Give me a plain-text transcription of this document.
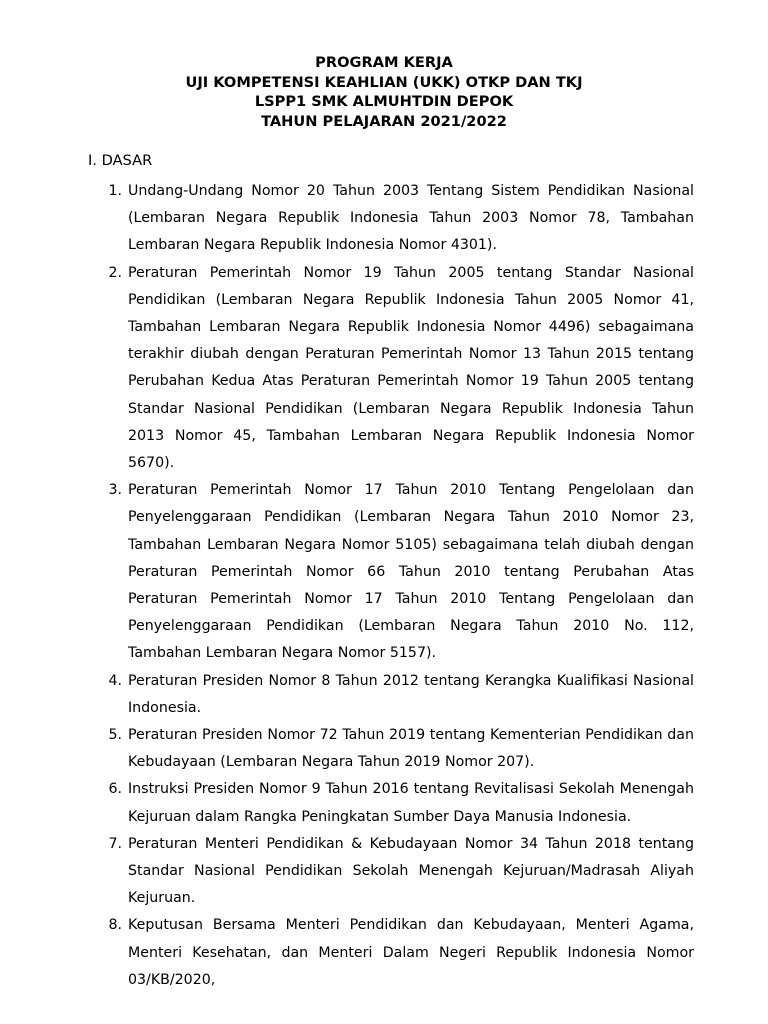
PROGRAM KERJA
UJI KOMPETENSI KEAHLIAN (UKK) OTKP DAN TKJ
LSPP1 SMK ALMUHTDIN DEPOK
TAHUN PELAJARAN 2021/2022
I. DASAR
1. Undang-Undang Nomor 20 Tahun 2003 Tentang Sistem Pendidikan Nasional (Lembaran Negara Republik Indonesia Tahun 2003 Nomor 78, Tambahan Lembaran Negara Republik Indonesia Nomor 4301).
2. Peraturan Pemerintah Nomor 19 Tahun 2005 tentang Standar Nasional Pendidikan (Lembaran Negara Republik Indonesia Tahun 2005 Nomor 41, Tambahan Lembaran Negara Republik Indonesia Nomor 4496) sebagaimana terakhir diubah dengan Peraturan Pemerintah Nomor 13 Tahun 2015 tentang Perubahan Kedua Atas Peraturan Pemerintah Nomor 19 Tahun 2005 tentang Standar Nasional Pendidikan (Lembaran Negara Republik Indonesia Tahun 2013 Nomor 45, Tambahan Lembaran Negara Republik Indonesia Nomor 5670).
3. Peraturan Pemerintah Nomor 17 Tahun 2010 Tentang Pengelolaan dan Penyelenggaraan Pendidikan (Lembaran Negara Tahun 2010 Nomor 23, Tambahan Lembaran Negara Nomor 5105) sebagaimana telah diubah dengan Peraturan Pemerintah Nomor 66 Tahun 2010 tentang Perubahan Atas Peraturan Pemerintah Nomor 17 Tahun 2010 Tentang Pengelolaan dan Penyelenggaraan Pendidikan (Lembaran Negara Tahun 2010 No. 112, Tambahan Lembaran Negara Nomor 5157).
4. Peraturan Presiden Nomor 8 Tahun 2012 tentang Kerangka Kualifikasi Nasional Indonesia.
5. Peraturan Presiden Nomor 72 Tahun 2019 tentang Kementerian Pendidikan dan Kebudayaan (Lembaran Negara Tahun 2019 Nomor 207).
6. Instruksi Presiden Nomor 9 Tahun 2016 tentang Revitalisasi Sekolah Menengah Kejuruan dalam Rangka Peningkatan Sumber Daya Manusia Indonesia.
7. Peraturan Menteri Pendidikan & Kebudayaan Nomor 34 Tahun 2018 tentang Standar Nasional Pendidikan Sekolah Menengah Kejuruan/Madrasah Aliyah Kejuruan.
8. Keputusan Bersama Menteri Pendidikan dan Kebudayaan, Menteri Agama, Menteri Kesehatan, dan Menteri Dalam Negeri Republik Indonesia Nomor 03/KB/2020,
